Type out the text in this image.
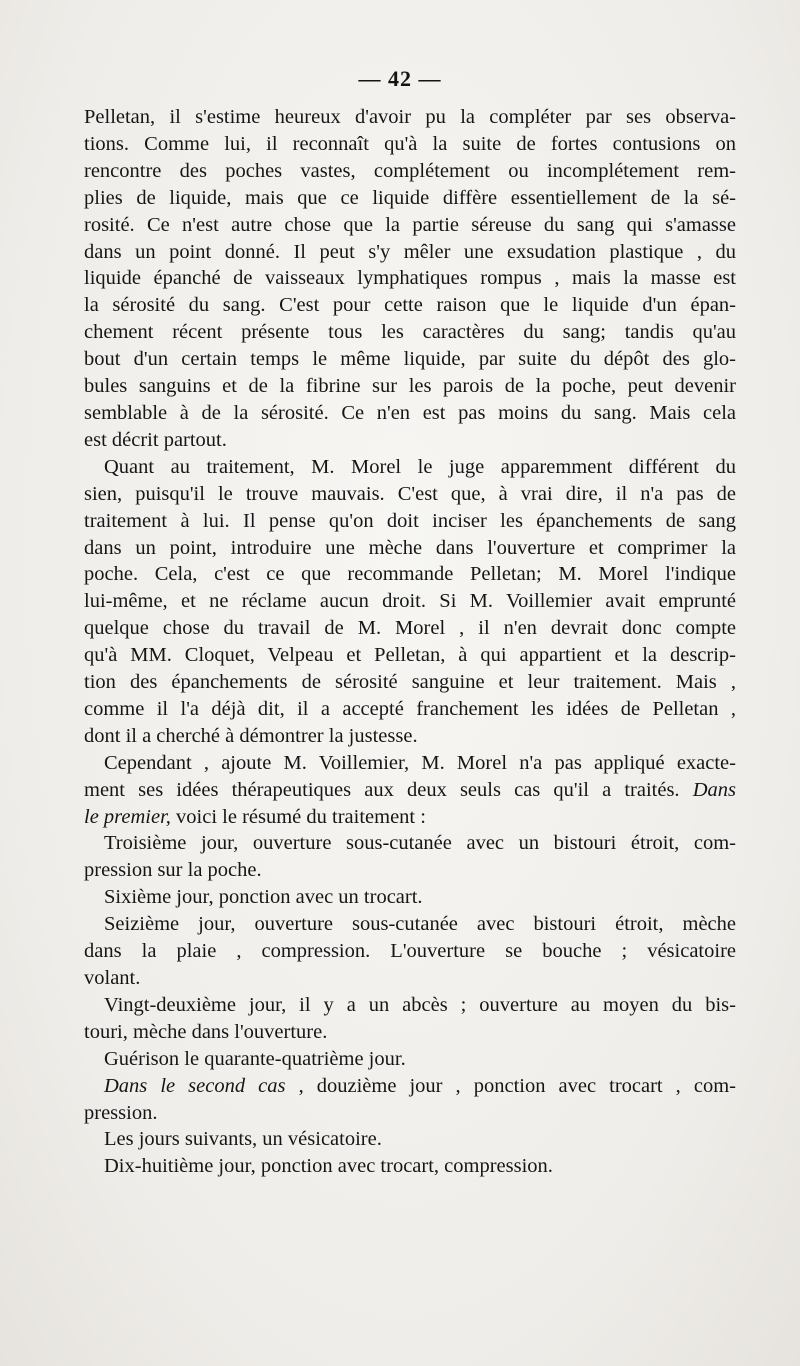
— 42 —
Pelletan, il s'estime heureux d'avoir pu la compléter par ses observa-
tions. Comme lui, il reconnaît qu'à la suite de fortes contusions on
rencontre des poches vastes, complétement ou incomplétement rem-
plies de liquide, mais que ce liquide diffère essentiellement de la sé-
rosité. Ce n'est autre chose que la partie séreuse du sang qui s'amasse
dans un point donné. Il peut s'y mêler une exsudation plastique , du
liquide épanché de vaisseaux lymphatiques rompus , mais la masse est
la sérosité du sang. C'est pour cette raison que le liquide d'un épan-
chement récent présente tous les caractères du sang; tandis qu'au
bout d'un certain temps le même liquide, par suite du dépôt des glo-
bules sanguins et de la fibrine sur les parois de la poche, peut devenir
semblable à de la sérosité. Ce n'en est pas moins du sang. Mais cela
est décrit partout.
Quant au traitement, M. Morel le juge apparemment différent du
sien, puisqu'il le trouve mauvais. C'est que, à vrai dire, il n'a pas de
traitement à lui. Il pense qu'on doit inciser les épanchements de sang
dans un point, introduire une mèche dans l'ouverture et comprimer la
poche. Cela, c'est ce que recommande Pelletan; M. Morel l'indique
lui-même, et ne réclame aucun droit. Si M. Voillemier avait emprunté
quelque chose du travail de M. Morel , il n'en devrait donc compte
qu'à MM. Cloquet, Velpeau et Pelletan, à qui appartient et la descrip-
tion des épanchements de sérosité sanguine et leur traitement. Mais ,
comme il l'a déjà dit, il a accepté franchement les idées de Pelletan ,
dont il a cherché à démontrer la justesse.
Cependant , ajoute M. Voillemier, M. Morel n'a pas appliqué exacte-
ment ses idées thérapeutiques aux deux seuls cas qu'il a traités. Dans
le premier, voici le résumé du traitement :
Troisième jour, ouverture sous-cutanée avec un bistouri étroit, com-
pression sur la poche.
Sixième jour, ponction avec un trocart.
Seizième jour, ouverture sous-cutanée avec bistouri étroit, mèche
dans la plaie , compression. L'ouverture se bouche ; vésicatoire
volant.
Vingt-deuxième jour, il y a un abcès ; ouverture au moyen du bis-
touri, mèche dans l'ouverture.
Guérison le quarante-quatrième jour.
Dans le second cas , douzième jour , ponction avec trocart , com-
pression.
Les jours suivants, un vésicatoire.
Dix-huitième jour, ponction avec trocart, compression.
